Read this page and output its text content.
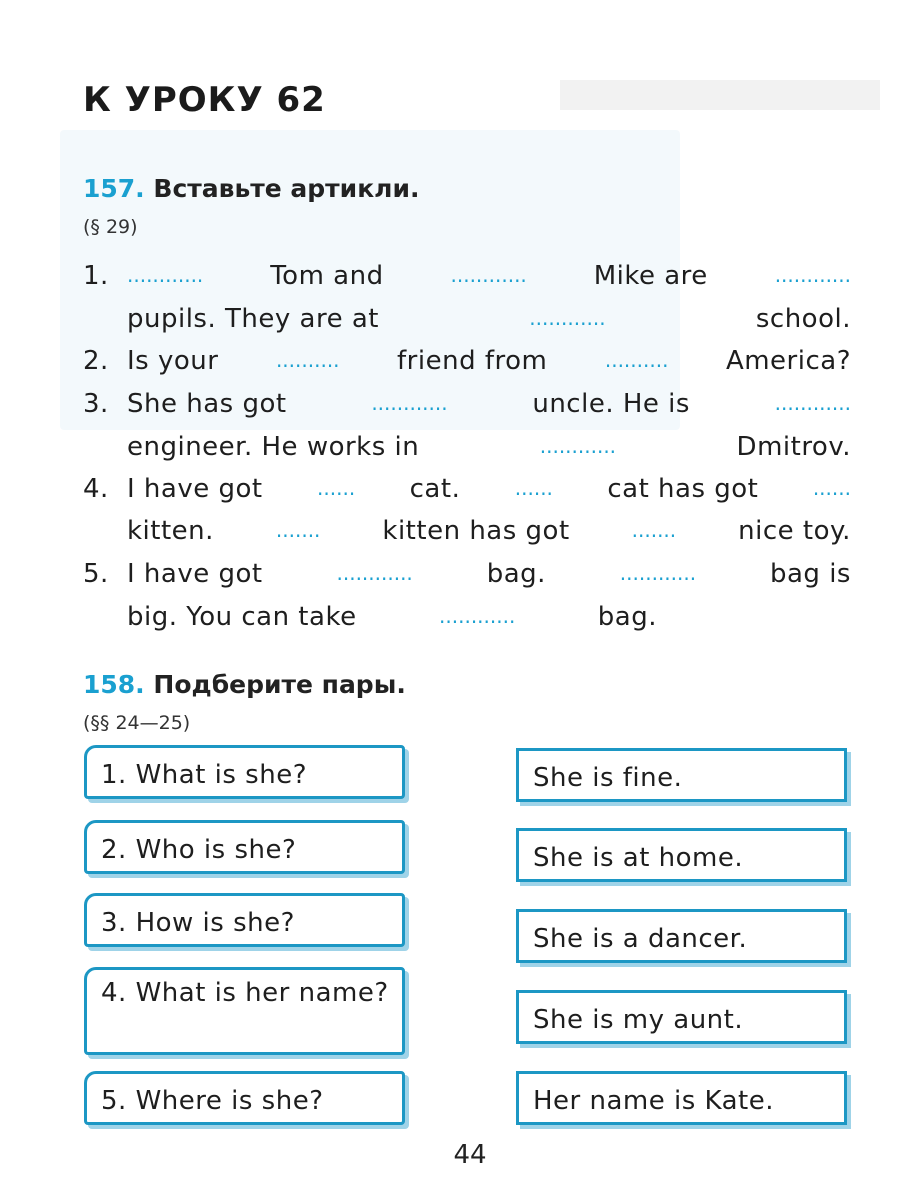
К УРОКУ 62
157. Вставьте артикли.
(§ 29)
1. ............	Tom and	............	Mike are	............
pupils. They are at	............	school.
2. Is your	.......... friend from	.......... America?
3. She has got	............	uncle. He is	............
engineer. He works in	............	Dmitrov.
4. I have got	...... cat.	...... cat has got	......
kitten.	....... kitten has got	....... nice toy.
5. I have got	............	bag.	............	bag is
big. You can take	............	bag.
158. Подберите пары.
(§§ 24—25)
1. What is she?
2. Who is she?
3. How is she?
4. What is her name?
5. Where is she?
She is fine.
She is at home.
She is a dancer.
She is my aunt.
Her name is Kate.
44
